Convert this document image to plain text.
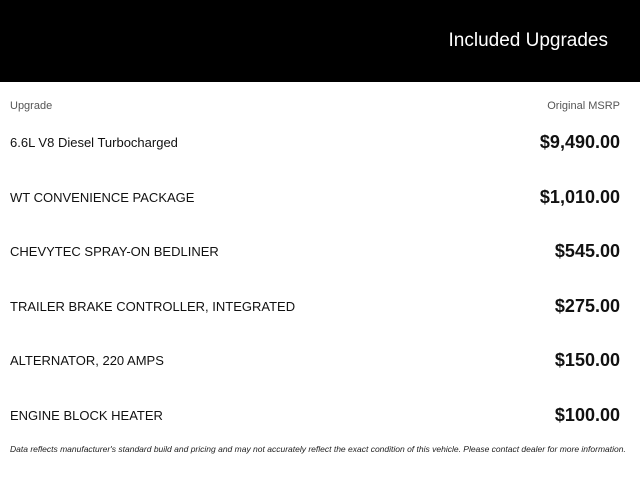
Included Upgrades
Upgrade	Original MSRP
6.6L V8 Diesel Turbocharged	$9,490.00
WT CONVENIENCE PACKAGE	$1,010.00
CHEVYTEC SPRAY-ON BEDLINER	$545.00
TRAILER BRAKE CONTROLLER, INTEGRATED	$275.00
ALTERNATOR, 220 AMPS	$150.00
ENGINE BLOCK HEATER	$100.00
Data reflects manufacturer's standard build and pricing and may not accurately reflect the exact condition of this vehicle. Please contact dealer for more information.
